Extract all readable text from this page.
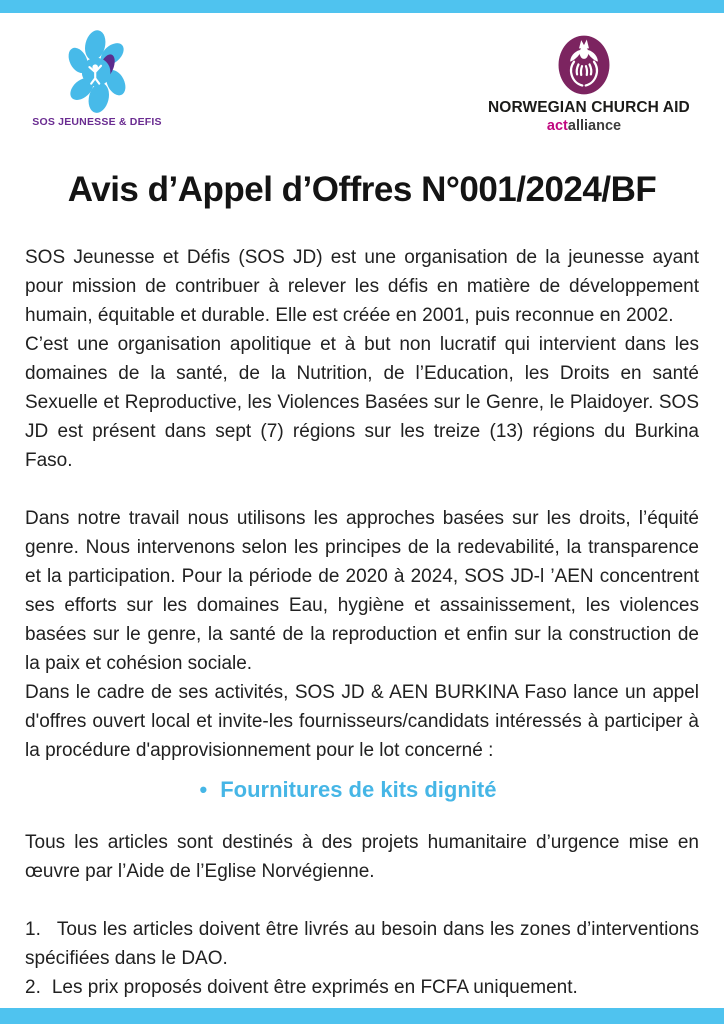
SOS JEUNESSE & DEFIS
NORWEGIAN CHURCH AID
actalliance
Avis d’Appel d’Offres N°001/2024/BF

SOS Jeunesse et Défis (SOS JD) est une organisation de la jeunesse ayant pour mission de contribuer à relever les défis en matière de développement humain, équitable et durable. Elle est créée en 2001, puis reconnue en 2002.

C’est une organisation apolitique et à but non lucratif qui intervient dans les domaines de la santé, de la Nutrition, de l’Education, les Droits en santé Sexuelle et Reproductive, les Violences Basées sur le Genre, le Plaidoyer. SOS JD est présent dans sept (7) régions sur les treize (13) régions du Burkina Faso.

Dans notre travail nous utilisons les approches basées sur les droits, l’équité genre. Nous intervenons selon les principes de la redevabilité, la transparence et la participation. Pour la période de 2020 à 2024, SOS JD-l ’AEN concentrent ses efforts sur les domaines Eau, hygiène et assainissement, les violences basées sur le genre, la santé de la reproduction et enfin sur la construction de la paix et cohésion sociale.

Dans le cadre de ses activités, SOS JD & AEN BURKINA Faso lance un appel d'offres ouvert local et invite-les fournisseurs/candidats intéressés à participer à la procédure d'approvisionnement pour le lot concerné :

• Fournitures de kits dignité

Tous les articles sont destinés à des projets humanitaire d’urgence mise en œuvre par l’Aide de l’Eglise Norvégienne.

1. Tous les articles doivent être livrés au besoin dans les zones d’interventions spécifiées dans le DAO.

2. Les prix proposés doivent être exprimés en FCFA uniquement.
